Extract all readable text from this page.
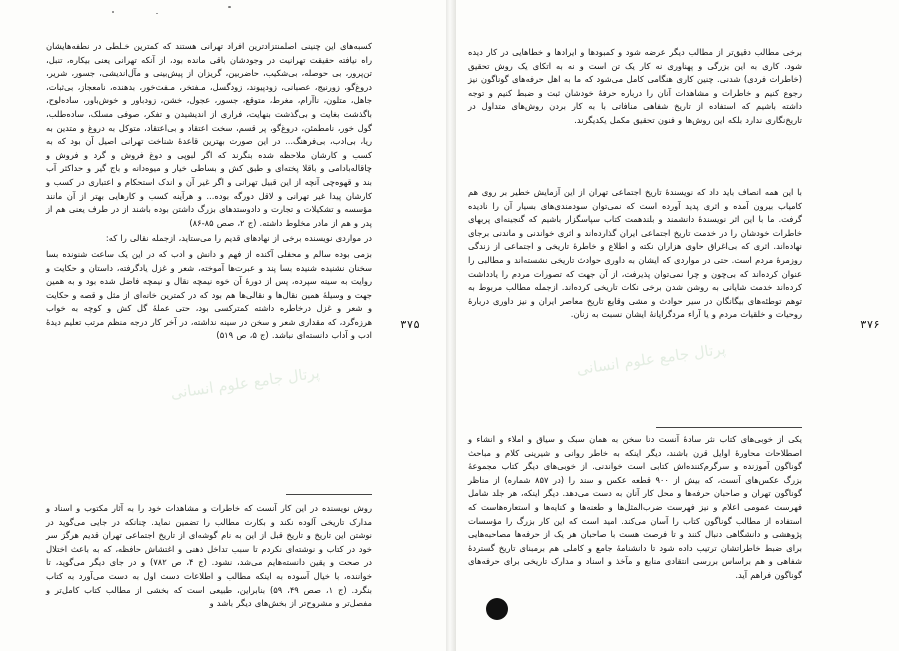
کسبه‌های این چنینی اصلمنتزادترین افراد تهرانی هستند که کمترین خـلطی در نطفه‌هایشان راه نیافته حقیقت تهرانیت در وجودشان باقی مانده بود، از آنکه تهرانی یعنی بیکاره، تنبل، تن‌پرور، بی حوصله، بی‌شکیب، حاضربین، گریزان از پیش‌بینی و مآل‌اندیشی، جسور، شریر، دروغ‌گو، زورنیج، عصبانی، زودپیوند، زودگسل، مـفتخر، مـفت‌خور، بدهنده، نامعجاز، بی‌ثبات، جاهل، متلون، ناآرام، مغرط، متوقع، جسور، عجول، خشن، زودباور و خوش‌باور، ساده‌لوح، باگذشت بغایت و بی‌گذشت بنهایت، فراری از اندیشیدن و تفکر، صوفی مسلک، ساده‌طلب، گول خور، نامطمئن، دروغ‌گو، پر قسم، سخت اعتقاد و بی‌اعتقاد، متوکل به دروغ و متدین به ریا، بی‌ادب، بی‌فرهنگ... در این صورت بهترین قاعدهٔ شناخت تهرانی اصیل آن بود که به کسب و کارشان ملاحظه شده بنگرند که اگر لبوپی و دوغ فروش و گرد و فروش و چاقاله‌بادامی و باقلا پخته‌ای و طبق کش و بساطی خیار و میوه‌دانه و باج گیر و حداکثر آب بند و قهوه‌چی آنچه از این قبیل تهرانی و اگر غیر آن و اندک استحکام و اعتباری در کسب و کارشان پیدا غیر تهرانی و لاقل دورگه بوده... و هرآینه کسب و کارهایی بهتر از آن مانند مؤسسه و تشکیلات و تجارت و دادوستدهای بزرگ داشتن بوده باشند از در طرف یعنی هم از پدر و هم از مادر مخلوط داشته. (ج ۲، صص ۸۵-۸۶)

در مواردی نویسنده برخی از نهادهای قدیم را می‌ستاید، ازجمله نقالی را که:

بزمی بوده سالم و محفلی آکنده از فهم و دانش و ادب که در این یک ساعت شنونده بسا سخنان نشنیده شنیده بسا پند و عبرت‌ها آموخته، شعر و غزل یادگرفته، داستان و حکایت و روایت به سینه سپرده، پس از دورهٔ آن خوه نیمچه نقال و نیمچه فاضل شده بود و به همین جهت و وسیلهٔ همین نقال‌ها و نقالی‌ها هم بود که در کمترین خانه‌ای از مثل و قصه و حکایت و شعر و غزل درخاطره داشته کمترکسی بود، حتی عملهٔ گل کش و کوچه به خواب هرزه‌گرد، که مقداری شعر و سخن در سینه نداشته، در آخر کار درجه منظم مرتب تعلیم دیدهٔ ادب و آداب دانسته‌ای نباشد. (ج ۵، ص ۵۱۹)

روش نویسنده در این کار آنست که خاطرات و مشاهدات خود را به آثار مکتوب و اسناد و مدارک تاریخی آلوده نکند و بکارت مطالب را تضمین نماید. چنانکه در جایی می‌گوید در نوشتن این تاریخ و تاریخ قبل از این به نام گوشه‌ای از تاریخ اجتماعی تهران قدیم هرگز سر خود در کتاب و نوشته‌ای نکردم تا سبب تداخل ذهنی و اغتشاش حافظه، که به باعث اختلال در صحت و یقین دانسته‌هایم می‌شد، نشود. (ج ۴، ص ۷۸۲) و در جای دیگر می‌گوید، تا خواننده، با خیال آسوده به اینکه مطالب و اطلاعات دست اول به دست می‌آورد به کتاب بنگرد. (ج ۱، صص ۴۹، ۵۹) بنابراین، طبیعی است که بخشی از مطالب کتاب کامل‌تر و مفصل‌تر و مشروح‌تر از بخش‌های دیگر باشد و

۳۷۵
پرتال جامع علوم انسانی

برخی مطالب دقیق‌تر از مطالب دیگر عرضه شود و کمبودها و ایرادها و خطاهایی در کار دیده شود. کاری به این بزرگی و پهناوری نه کار یک تن است و نه به اتکای یک روش تحقیق (خاطرات فردی) شدنی. چنین کاری هنگامی کامل می‌شود که ما به اهل حرفه‌های گوناگون نیز رجوع کنیم و خاطرات و مشاهدات آنان را درباره حرفهٔ خودشان ثبت و ضبط کنیم و توجه داشته باشیم که استفاده از تاریخ شفاهی منافاتی با به کار بردن روش‌های متداول در تاریخ‌نگاری ندارد بلکه این روش‌ها و فنون تحقیق مکمل یکدیگرند.

با این همه انصاف باید داد که نویسندهٔ تاریخ اجتماعی تهران از این آزمایش خطیر بر روی هم کامیاب بیرون آمده و اثری پدید آورده است که نمی‌توان سودمندی‌های بسیار آن را نادیده گرفت. ما با این اثر نویسندهٔ دانشمند و بلندهمت کتاب سپاسگزار باشیم که گنجینه‌ای پربهای خاطرات خودشان را در خدمت تاریخ اجتماعی ایران گذارده‌اند و اثری خواندنی و ماندنی برجای نهاده‌اند. اثری که بی‌اغراق حاوی هزاران نکته و اطلاع و خاطرهٔ تاریخی و اجتماعی از زندگی روزمرهٔ مردم است. حتی در مواردی که ایشان به داوری حوادث تاریخی نشسته‌اند و مطالبی را عنوان کرده‌اند که بی‌چون و چرا نمی‌توان پذیرفت، از آن جهت که تصورات مردم را یادداشت کرده‌اند خدمت شایانی به روشن شدن برخی نکات تاریخی کرده‌اند. ازجمله مطالب مربوط به توهم توطئه‌های بیگانگان در سیر حوادث و مشی وقایع تاریخ معاصر ایران و نیز داوری دربارهٔ روحیات و خلقیات مردم و یا آراء مردگرایانهٔ ایشان نسبت به زنان.

یکی از خوبی‌های کتاب نثر سادهٔ آنست دنا سخن به همان سبک و سیاق و املاء و انشاء و اصطلاحات محاورهٔ اوایل قرن باشند، دیگر اینکه به خاطر روانی و شیرینی کلام و مباحث گوناگون آموزنده و سرگرم‌کننده‌اش کتابی است خواندنی. از خوبی‌های دیگر کتاب مجموعهٔ بزرگ عکس‌های آنست، که بیش از ۹۰۰ قطعه عکس و سند را (در ۸۵۷ شماره) از مناظر گوناگون تهران و صاحبان حرفه‌ها و محل کار آنان به دست می‌دهد. دیگر اینکه، هر جلد شامل فهرست عمومی اعلام و نیز فهرست ضرب‌المثل‌ها و طعنه‌ها و کنایه‌ها و استعاره‌هاست که استفاده از مطالب گوناگون کتاب را آسان می‌کند. امید است که این کار بزرگ را مؤسسات پژوهشی و دانشگاهی دنبال کنند و تا فرصت هست با صاحبان هر یک از حرفه‌ها مصاحبه‌هایی برای ضبط خاطراتشان ترتیب داده شود تا دانشنامهٔ جامع و کاملی هم برمبنای تاریخ گستردهٔ شفاهی و هم براساس بررسی انتقادی منابع و مآخذ و اسناد و مدارک تاریخی برای حرفه‌های گوناگون فراهم آید.

۳۷۶
پرتال جامع علوم انسانی
